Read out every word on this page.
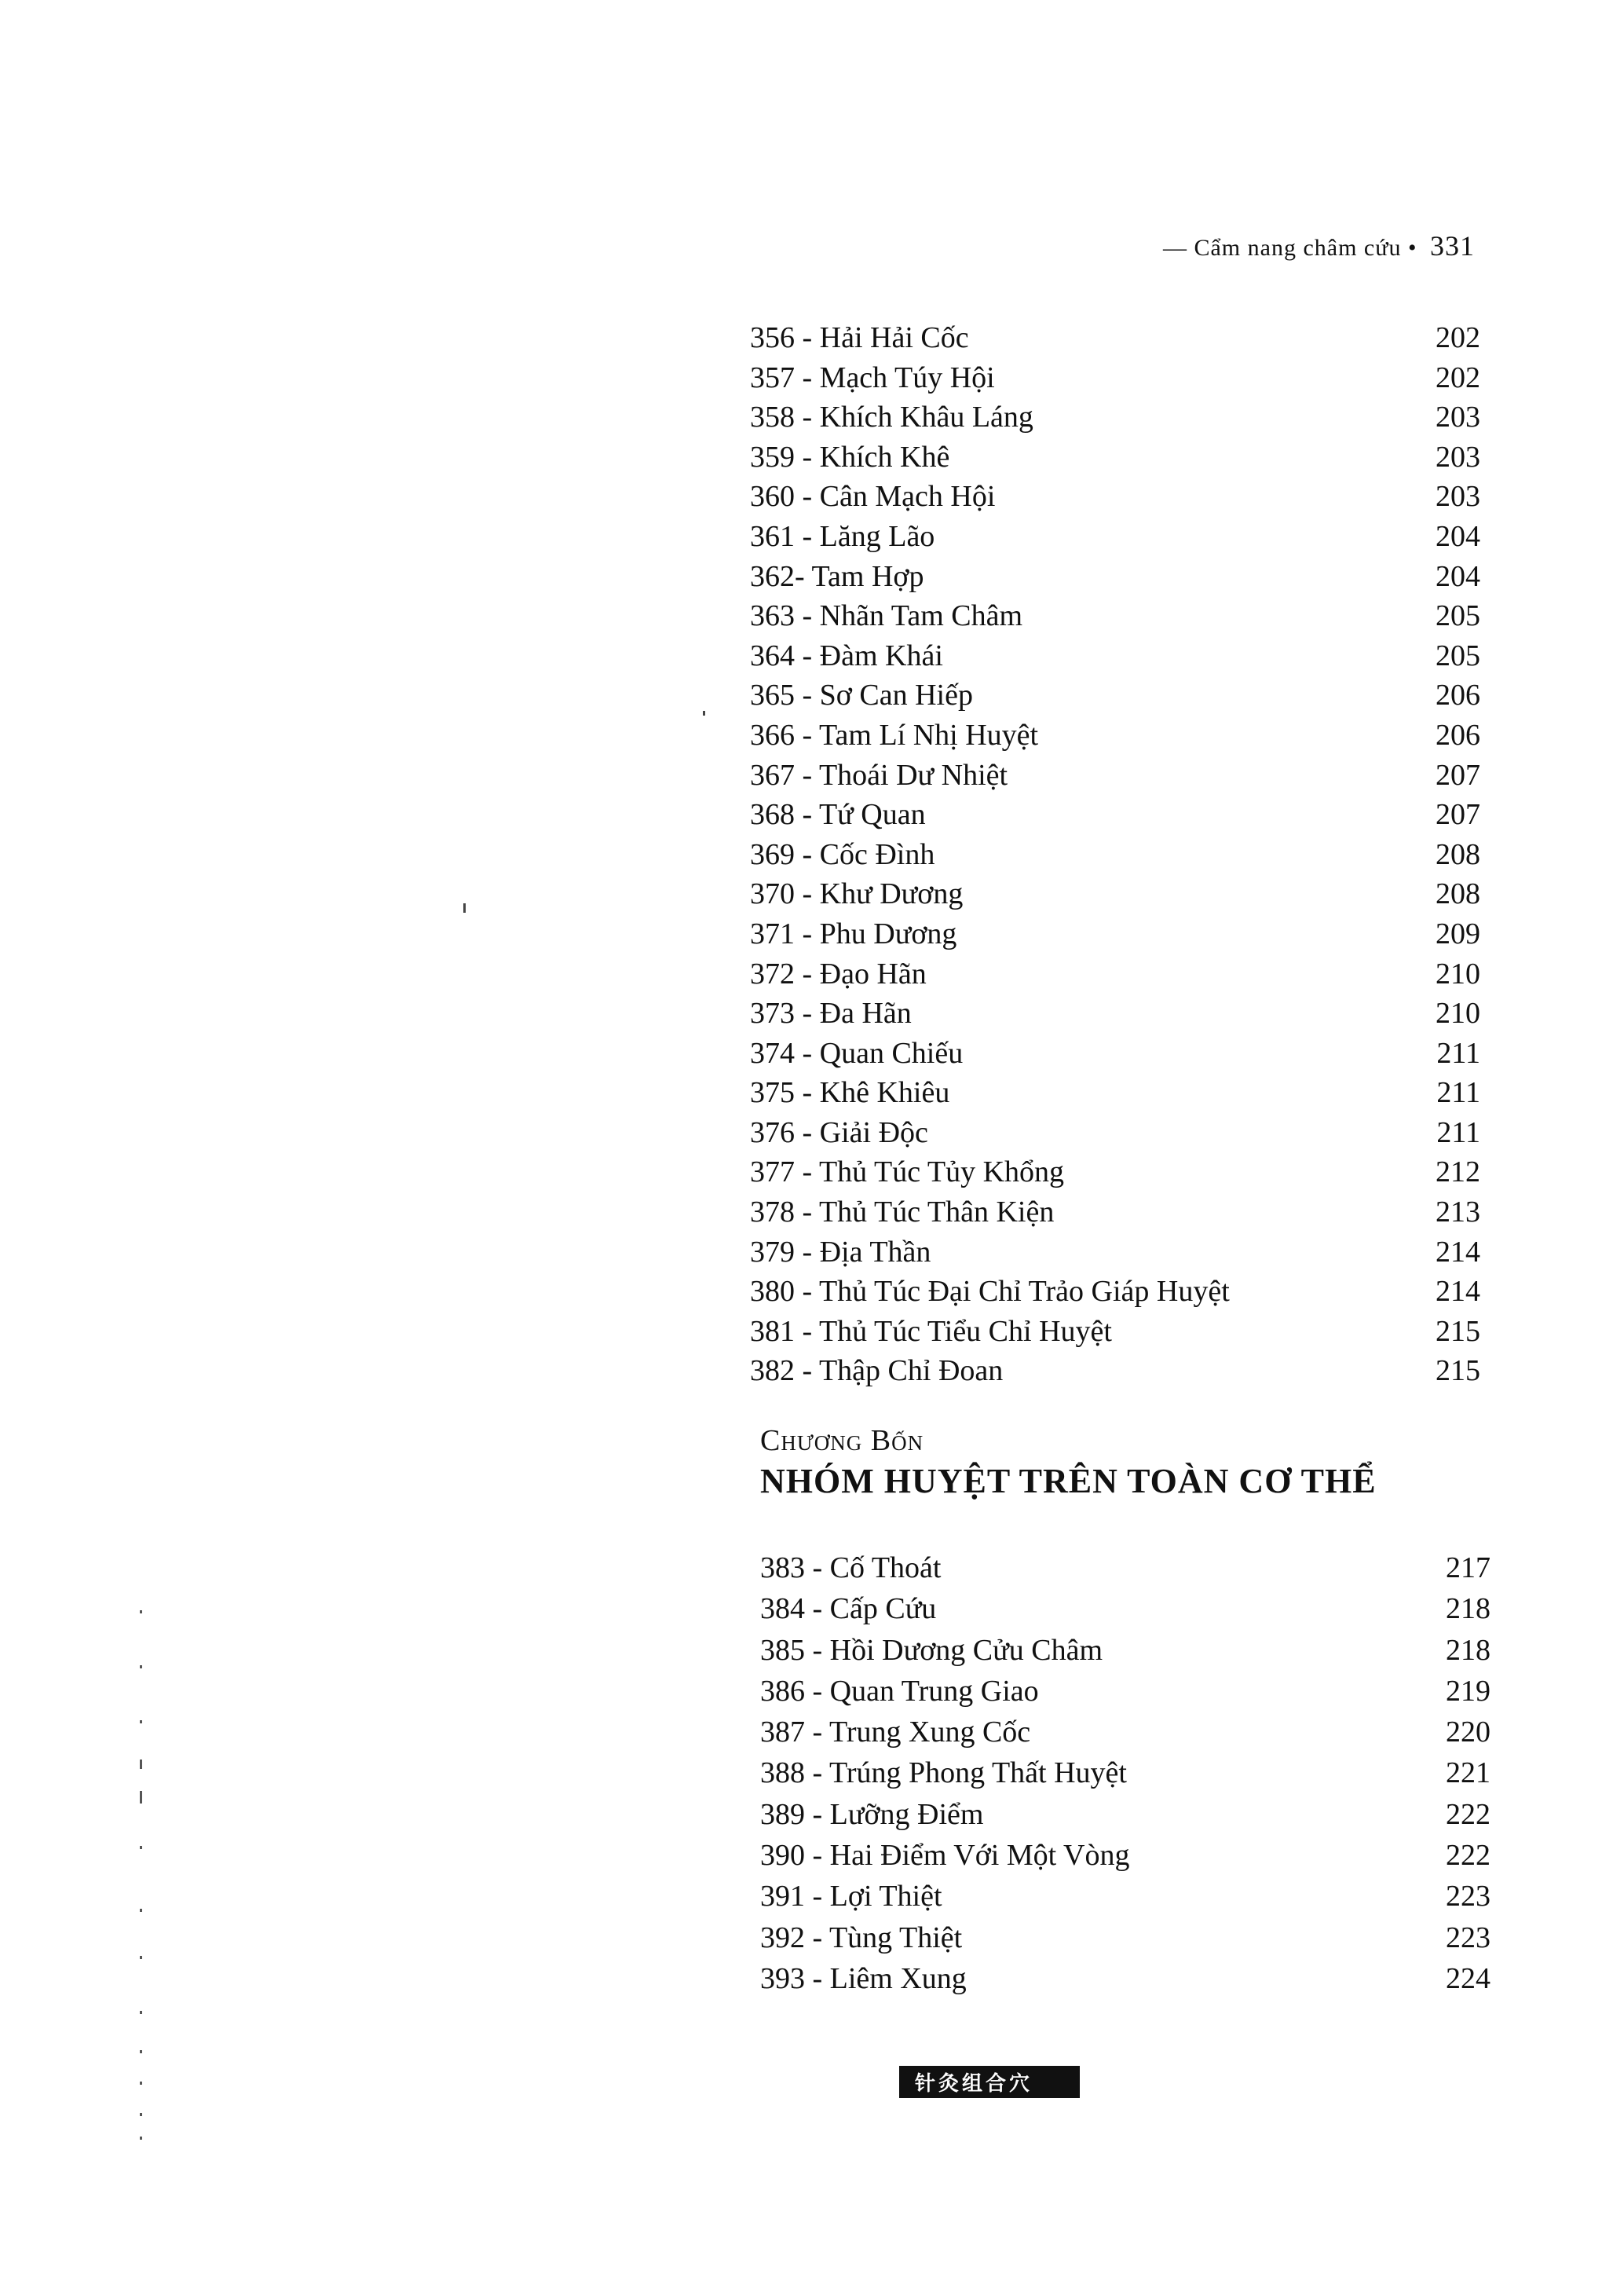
— Cẩm nang châm cứu • 331
356 - Hải Hải Cốc	202
357 - Mạch Túy Hội	202
358 - Khích Khâu Láng	203
359 - Khích Khê	203
360 - Cân Mạch Hội	203
361 - Lăng Lão	204
362- Tam Hợp	204
363 - Nhãn Tam Châm	205
364 - Đàm Khái	205
365 - Sơ Can Hiếp	206
366 - Tam Lí Nhị Huyệt	206
367 - Thoái Dư Nhiệt	207
368 - Tứ Quan	207
369 - Cốc Đình	208
370 - Khư Dương	208
371 - Phu Dương	209
372 - Đạo Hãn	210
373 - Đa Hãn	210
374 - Quan Chiếu	211
375 - Khê Khiêu	211
376 - Giải Độc	211
377 - Thủ Túc Tủy Khổng	212
378 - Thủ Túc Thân Kiện	213
379 - Địa Thần	214
380 - Thủ Túc Đại Chỉ Trảo Giáp Huyệt	214
381 - Thủ Túc Tiểu Chỉ Huyệt	215
382 - Thập Chỉ Đoan	215
Chương Bốn
NHÓM HUYỆT TRÊN TOÀN CƠ THỂ
383 - Cố Thoát	217
384 - Cấp Cứu	218
385 - Hồi Dương Cửu Châm	218
386 - Quan Trung Giao	219
387 - Trung Xung Cốc	220
388 - Trúng Phong Thất Huyệt	221
389 - Lưỡng Điểm	222
390 - Hai Điểm Với Một Vòng	222
391 - Lợi Thiệt	223
392 - Tùng Thiệt	223
393 - Liêm Xung	224
针灸组合穴
